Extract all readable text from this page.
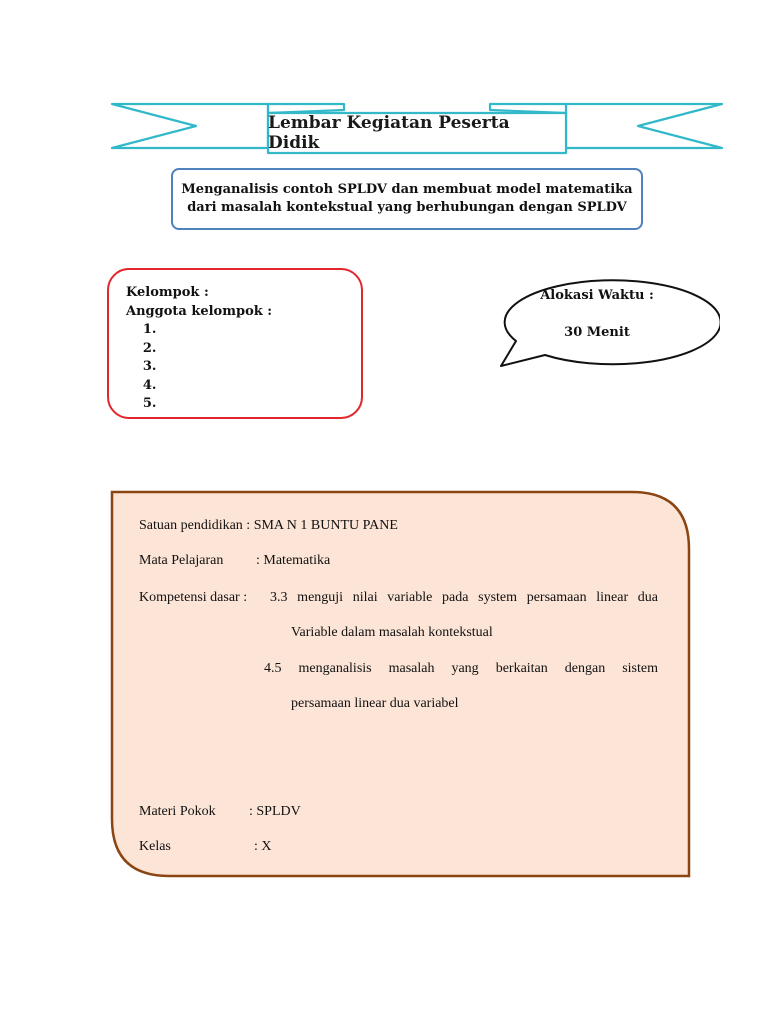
Lembar Kegiatan Peserta Didik
Menganalisis contoh SPLDV dan membuat model matematika
dari masalah kontekstual yang berhubungan dengan SPLDV
Kelompok :
Anggota kelompok :
1.
2.
3.
4.
5.
Alokasi Waktu :
30 Menit
Satuan pendidikan : SMA N 1 BUNTU PANE
Mata Pelajaran : Matematika
Kompetensi dasar : 3.3 menguji nilai variable pada system persamaan linear dua
Variable dalam masalah kontekstual
4.5 menganalisis masalah yang berkaitan dengan sistem
persamaan linear dua variabel
Materi Pokok : SPLDV
Kelas	: X
